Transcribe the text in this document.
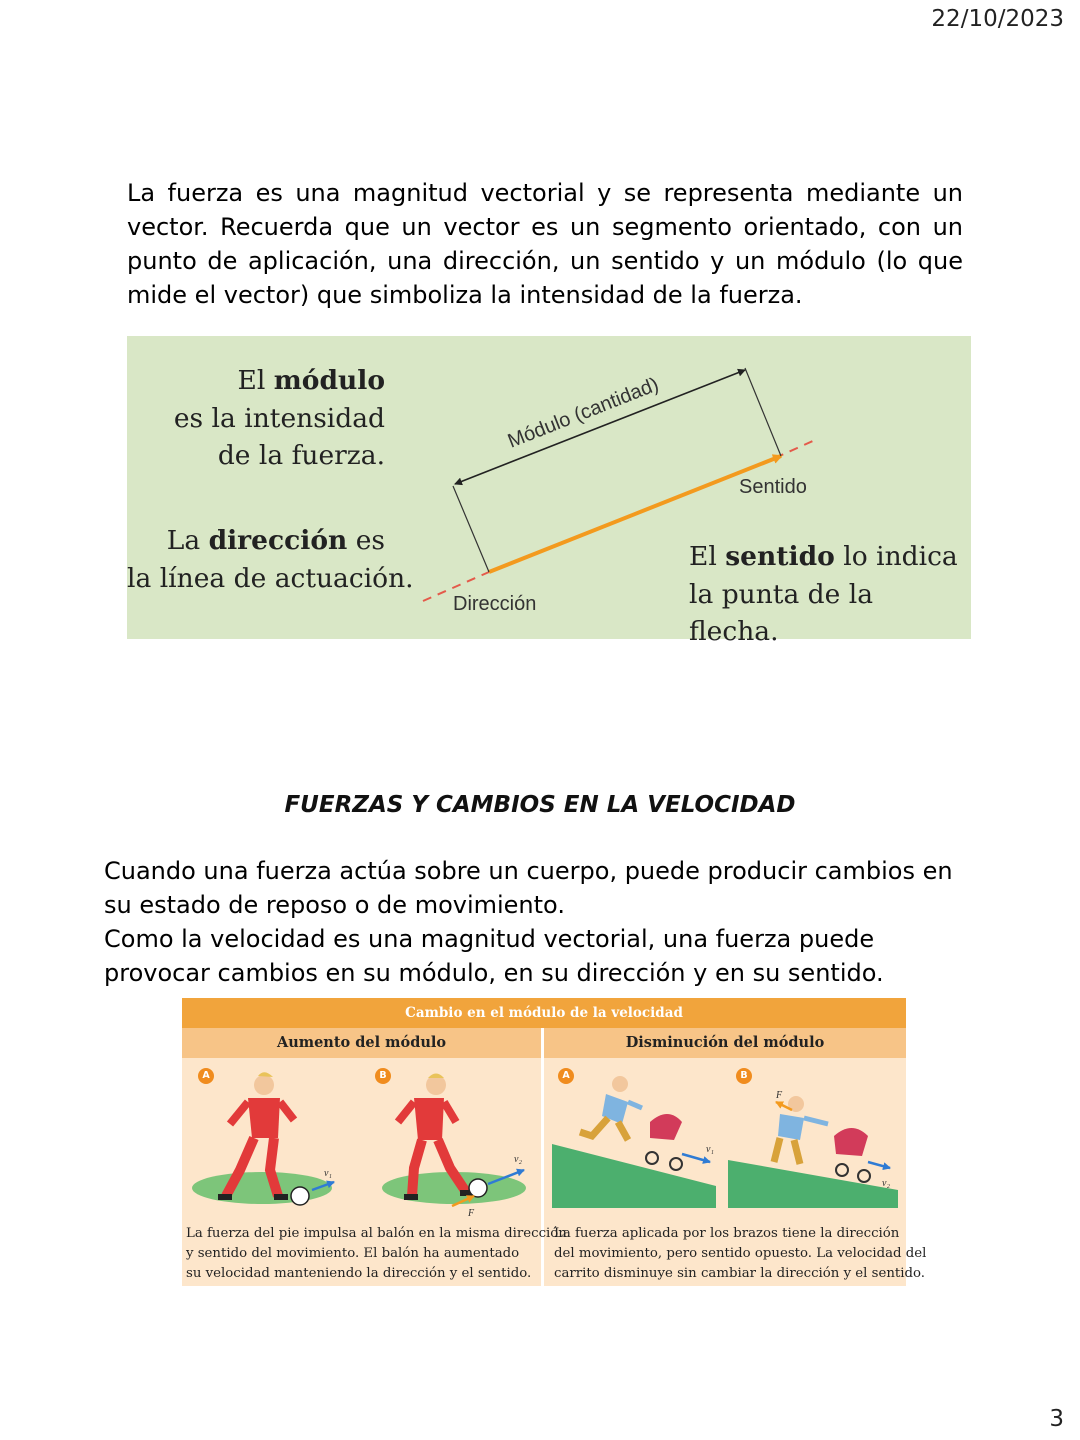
22/10/2023

La fuerza es una magnitud vectorial y se representa mediante un vector. Recuerda que un vector es un segmento orientado, con un punto de aplicación, una dirección, un sentido y un módulo (lo que mide el vector) que simboliza la intensidad de la fuerza.

El módulo
es la intensidad
de la fuerza.
La dirección es
la línea de actuación.
El sentido lo indica
la punta de la flecha.
Módulo (cantidad)
Sentido
Dirección
FUERZAS Y CAMBIOS EN LA VELOCIDAD

Cuando una fuerza actúa sobre un cuerpo, puede producir cambios en su estado de reposo o de movimiento.

Como la velocidad es una magnitud vectorial, una fuerza puede provocar cambios en su módulo, en su dirección y en su sentido.

Cambio en el módulo de la velocidad
Aumento del módulo	Disminución del módulo
v₁
v₂
F
v₁
F
v₂
A	B	A	B
La fuerza del pie impulsa al balón en la misma dirección
y sentido del movimiento. El balón ha aumentado
su velocidad manteniendo la dirección y el sentido.
La fuerza aplicada por los brazos tiene la dirección
del movimiento, pero sentido opuesto. La velocidad del
carrito disminuye sin cambiar la dirección y el sentido.
3
